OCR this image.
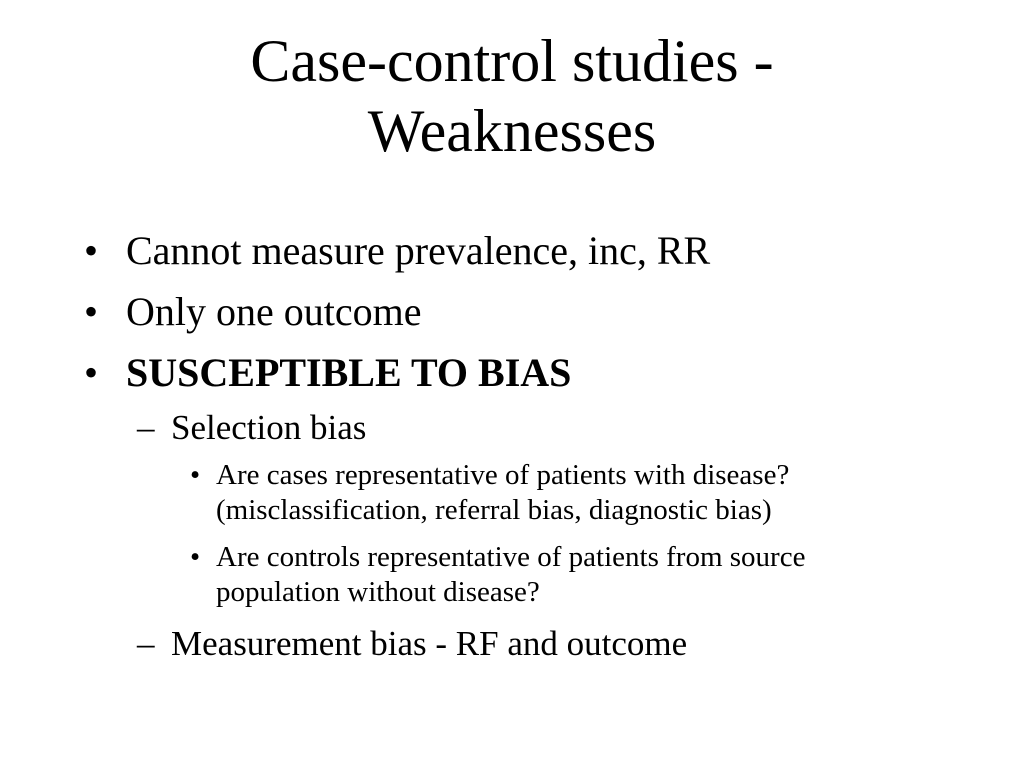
Case-control studies -
Weaknesses
• Cannot measure prevalence, inc, RR
• Only one outcome
• SUSCEPTIBLE TO BIAS
– Selection bias
• Are cases representative of patients with disease?
(misclassification, referral bias, diagnostic bias)
• Are controls representative of patients from source
population without disease?
– Measurement bias - RF and outcome
